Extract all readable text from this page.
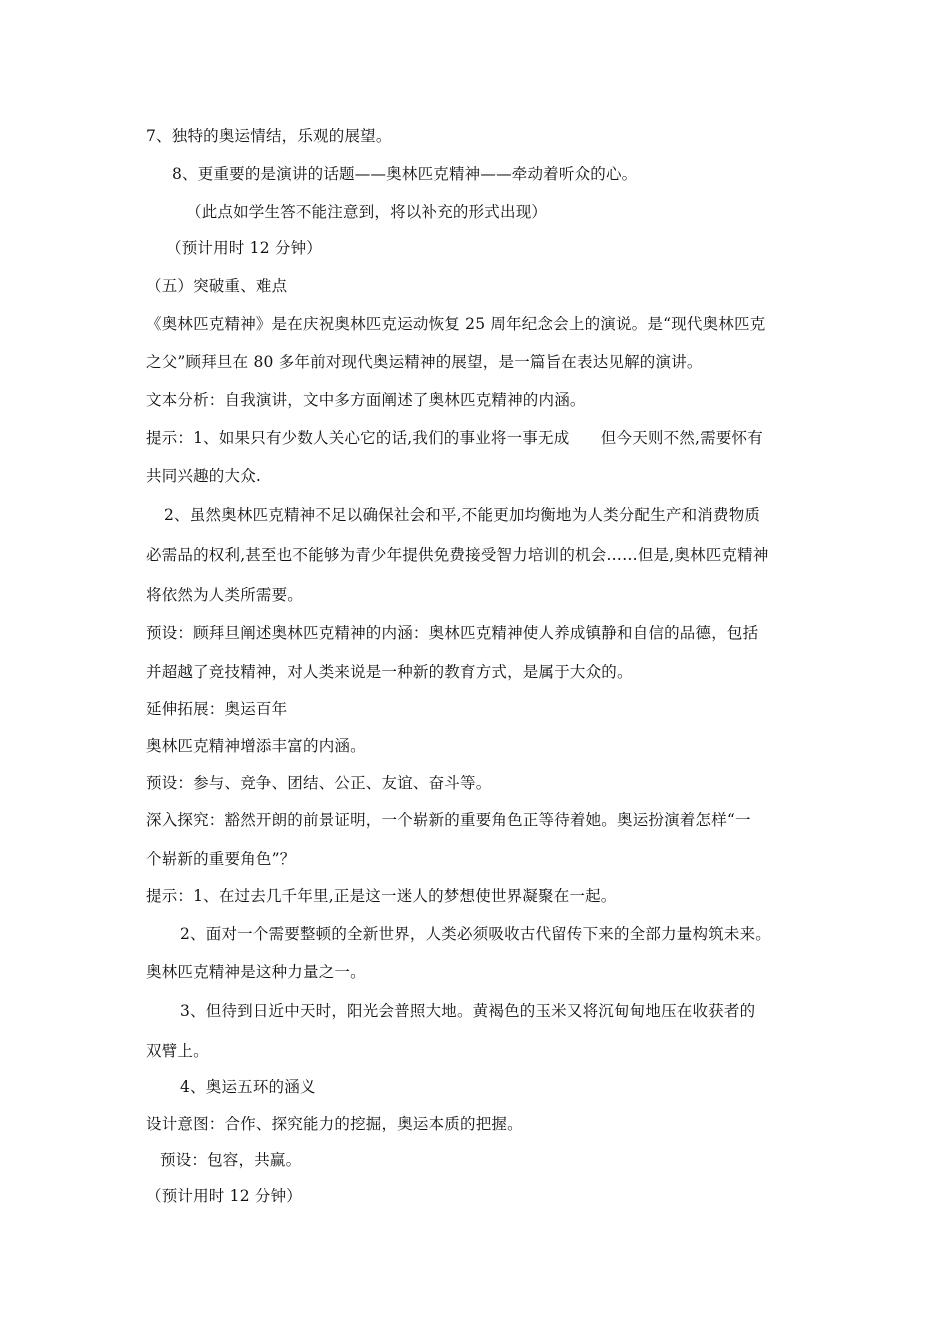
7、独特的奥运情结，乐观的展望。
8、更重要的是演讲的话题——奥林匹克精神——牵动着听众的心。
（此点如学生答不能注意到，将以补充的形式出现）
（预计用时 12 分钟）
（五）突破重、难点
《奥林匹克精神》是在庆祝奥林匹克运动恢复 25 周年纪念会上的演说。是“现代奥林匹克
之父”顾拜旦在 80 多年前对现代奥运精神的展望，是一篇旨在表达见解的演讲。
文本分析：自我演讲，文中多方面阐述了奥林匹克精神的内涵。
提示：1、如果只有少数人关心它的话,我们的事业将一事无成　　但今天则不然,需要怀有
共同兴趣的大众.
2、虽然奥林匹克精神不足以确保社会和平,不能更加均衡地为人类分配生产和消费物质
必需品的权利,甚至也不能够为青少年提供免费接受智力培训的机会……但是,奥林匹克精神
将依然为人类所需要。
预设：顾拜旦阐述奥林匹克精神的内涵：奥林匹克精神使人养成镇静和自信的品德，包括
并超越了竞技精神，对人类来说是一种新的教育方式，是属于大众的。
延伸拓展：奥运百年
奥林匹克精神增添丰富的内涵。
预设：参与、竞争、团结、公正、友谊、奋斗等。
深入探究：豁然开朗的前景证明，一个崭新的重要角色正等待着她。奥运扮演着怎样“一
个崭新的重要角色”？
提示：1、在过去几千年里,正是这一迷人的梦想使世界凝聚在一起。
2、面对一个需要整顿的全新世界，人类必须吸收古代留传下来的全部力量构筑未来。
奥林匹克精神是这种力量之一。
3、但待到日近中天时，阳光会普照大地。黄褐色的玉米又将沉甸甸地压在收获者的
双臂上。
4、奥运五环的涵义
设计意图：合作、探究能力的挖掘，奥运本质的把握。
预设：包容，共赢。
（预计用时 12 分钟）
